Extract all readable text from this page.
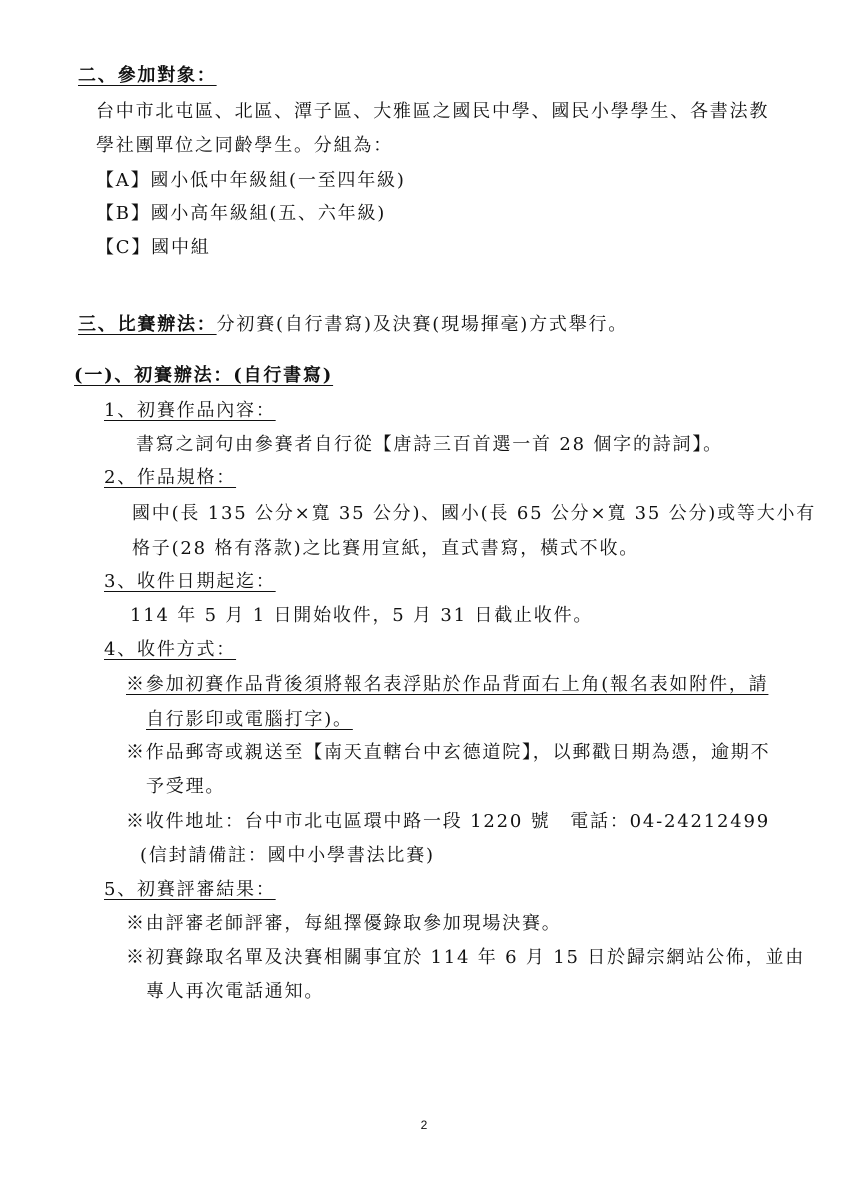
二、參加對象：
台中市北屯區、北區、潭子區、大雅區之國民中學、國民小學學生、各書法教
學社團單位之同齡學生。分組為：
【A】國小低中年級組(一至四年級)
【B】國小高年級組(五、六年級)
【C】國中組
三、比賽辦法：分初賽(自行書寫)及決賽(現場揮毫)方式舉行。
(一)、初賽辦法：(自行書寫)
1、初賽作品內容：
書寫之詞句由參賽者自行從【唐詩三百首選一首 28 個字的詩詞】。
2、作品規格：
國中(長 135 公分×寬 35 公分)、國小(長 65 公分×寬 35 公分)或等大小有
格子(28 格有落款)之比賽用宣紙，直式書寫，橫式不收。
3、收件日期起迄：
114 年 5 月 1 日開始收件，5 月 31 日截止收件。
4、收件方式：
※參加初賽作品背後須將報名表浮貼於作品背面右上角(報名表如附件，請
自行影印或電腦打字)。
※作品郵寄或親送至【南天直轄台中玄德道院】，以郵戳日期為憑，逾期不
予受理。
※收件地址：台中市北屯區環中路一段 1220 號　電話：04-24212499
(信封請備註：國中小學書法比賽)
5、初賽評審結果：
※由評審老師評審，每組擇優錄取參加現場決賽。
※初賽錄取名單及決賽相關事宜於 114 年 6 月 15 日於歸宗網站公佈，並由
專人再次電話通知。
2
